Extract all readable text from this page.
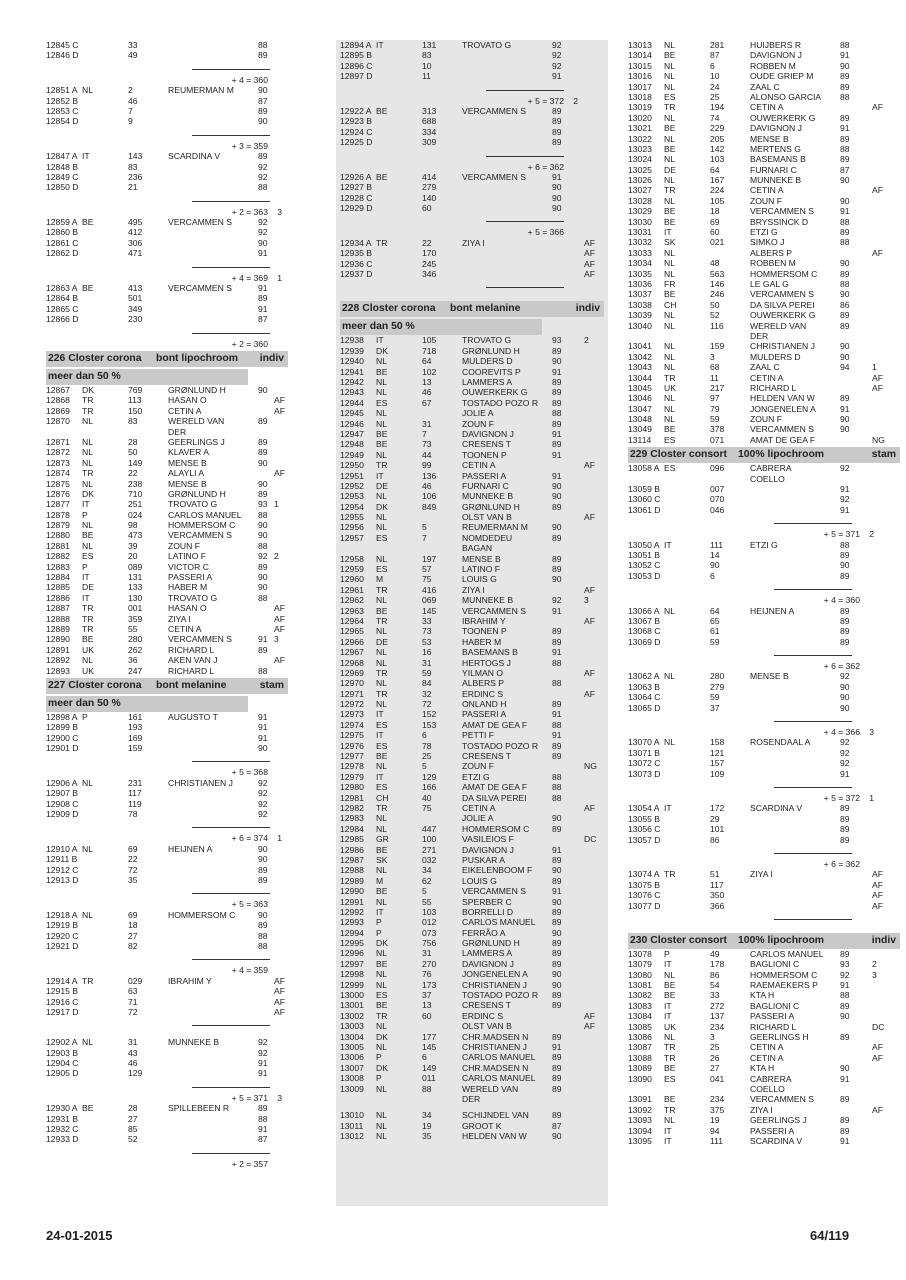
12845 C	33	88
12846 D	49	89
+ 4 = 360
12851 A NL	2	REUMERMAN M	90
12852 B	46	87
12853 C	7	89
12854 D	9	90
+ 3 = 359
12847 A IT	143	SCARDINA V	89
12848 B	83	92
12849 C	236	92
12850 D	21	88
+ 2 = 363 3
12859 A BE	495	VERCAMMEN S	92
12860 B	412	92
12861 C	306	90
12862 D	471	91
+ 4 = 369 1
12863 A BE	413	VERCAMMEN S	91
12864 B	501	89
12865 C	349	91
12866 D	230	87
+ 2 = 360
226 Closter corona bont lipochroom indiv
meer dan 50 %
12867 DK	769	GRØNLUND H	90
12868 TR	113	HASAN O	AF
12869 TR	150	CETIN A	AF
12870 NL	83	WERELD VAN	89
DER
12871 NL	28	GEERLINGS J	89
12872 NL	50	KLAVER A	89
12873 NL	149	MENSE B	90
12874 TR	22	ALAYLI A	AF
12875 NL	238	MENSE B	90
12876 DK	710	GRØNLUND H	89
12877 IT	251	TROVATO G	93 1
12878 P	024	CARLOS MANUEL 88
12879 NL	98	HOMMERSOM C	90
12880 BE	473	VERCAMMEN S	90
12881 NL	39	ZOUN F	88
12882 ES	20	LATINO F	92 2
12883 P	089	VICTOR C	89
12884 IT	131	PASSERI A	90
12885 DE	133	HABER M	90
12886 IT	130	TROVATO G	88
12887 TR	001	HASAN O	AF
12888 TR	359	ZIYA I	AF
12889 TR	55	CETIN A	AF
12890 BE	280	VERCAMMEN S	91 3
12891 UK	262	RICHARD L	89
12892 NL	36	AKEN VAN J	AF
12893 UK	247	RICHARD L	88
227 Closter corona bont melanine	stam
meer dan 50 %
12898 A P	161	AUGUSTO T	91
12899 B	193	91
12900 C	169	91
12901 D	159	90
+ 5 = 368
12906 A NL	231	CHRISTIANEN J	92
12907 B	117	92
12908 C	119	92
12909 D	78	92
+ 6 = 374 1
12910 A NL	69	HEIJNEN A	90
12911 B	22	90
12912 C	72	89
12913 D	35	89
+ 5 = 363
12918 A NL	69	HOMMERSOM C	90
12919 B	18	89
12920 C	27	88
12921 D	82	88
+ 4 = 359
12914 A TR	029	IBRAHIM Y	AF
12915 B	63	AF
12916 C	71	AF
12917 D	72	AF
12902 A NL	31	MUNNEKE B	92
12903 B	43	92
12904 C	46	91
12905 D	129	91
+ 5 = 371 3
12930 A BE	28	SPILLEBEEN R	89
12931 B	27	88
12932 C	85	91
12933 D	52	87
+ 2 = 357
12894 A IT	131	TROVATO G	92
12895 B	83	92
12896 C	10	92
12897 D	11	91
+ 5 = 372 2
12922 A BE	313	VERCAMMEN S	89
12923 B	688	89
12924 C	334	89
12925 D	309	89
+ 6 = 362
12926 A BE	414	VERCAMMEN S	91
12927 B	279	90
12928 C	140	90
12929 D	60	90
+ 5 = 366
12934 A TR	22	ZIYA I	AF
12935 B	170	AF
12936 C	245	AF
12937 D	346	AF
228 Closter corona bont melanine	indiv
meer dan 50 %
12938 IT	105	TROVATO G	93	2
12939 DK	718	GRØNLUND H	89
12940 NL	64	MULDERS D	90
12941 BE	102	COOREVITS P	91
12942 NL	13	LAMMERS A	89
12943 NL	46	OUWERKERK G	89
12944 ES	67	TOSTADO POZO R 89
12945 NL	JOLIE A	88
12946 NL	31	ZOUN F	89
12947 BE	7	DAVIGNON J	91
12948 BE	73	CRESENS T	89
12949 NL	44	TOONEN P	91
12950 TR	99	CETIN A	AF
12951 IT	136	PASSERI A	91
12952 DE	46	FURNARI C	90
12953 NL	106	MUNNEKE B	90
12954 DK	849	GRØNLUND H	89
12955 NL	OLST VAN B	AF
12956 NL	5	REUMERMAN M	90
12957 ES	7	NOMDEDEU	89
BAGAN
12958 NL	197	MENSE B	89
12959 ES	57	LATINO F	89
12960 M	75	LOUIS G	90
12961 TR	416	ZIYA I	AF
12962 NL	069	MUNNEKE B	92	3
12963 BE	145	VERCAMMEN S	91
12964 TR	33	IBRAHIM Y	AF
12965 NL	73	TOONEN P	89
12966 DE	53	HABER M	89
12967 NL	16	BASEMANS B	91
12968 NL	31	HERTOGS J	88
12969 TR	59	YILMAN O	AF
12970 NL	84	ALBERS P	88
12971 TR	32	ERDINC S	AF
12972 NL	72	ONLAND H	89
12973 IT	152	PASSERI A	91
12974 ES	153	AMAT DE GEA F	88
12975 IT	6	PETTI F	91
12976 ES	78	TOSTADO POZO R 89
12977 BE	25	CRESENS T	89
12978 NL	5	ZOUN F	NG
12979 IT	129	ETZI G	88
12980 ES	166	AMAT DE GEA F	88
12981 CH	40	DA SILVA PEREI	88
12982 TR	75	CETIN A	AF
12983 NL	JOLIE A	90
12984 NL	447	HOMMERSOM C	89
12985 GR	100	VASILEIOS F	DC
12986 BE	271	DAVIGNON J	91
12987 SK	032	PUSKAR A	89
12988 NL	34	EIKELENBOOM F 90
12989 M	62	LOUIS G	89
12990 BE	5	VERCAMMEN S	91
12991 NL	55	SPERBER C	90
12992 IT	103	BORRELLI D	89
12993 P	012	CARLOS MANUEL 89
12994 P	073	FERRÃO A	90
12995 DK	756	GRØNLUND H	89
12996 NL	31	LAMMERS A	89
12997 BE	270	DAVIGNON J	89
12998 NL	76	JONGENELEN A	90
12999 NL	173	CHRISTIANEN J	90
13000 ES	37	TOSTADO POZO R 89
13001 BE	13	CRESENS T	89
13002 TR	60	ERDINC S	AF
13003 NL	OLST VAN B	AF
13004 DK	177	CHR.MADSEN N	89
13005 NL	145	CHRISTIANEN J	91
13006 P	6	CARLOS MANUEL 89
13007 DK	149	CHR.MADSEN N	89
13008 P	011	CARLOS MANUEL 89
13009 NL	88	WERELD VAN	89
DER
13010 NL	34	SCHIJNDEL VAN	89
13011 NL	19	GROOT K	87
13012 NL	35	HELDEN VAN W	90
13013 NL	281	HUIJBERS R	88
13014 BE	87	DAVIGNON J	91
13015 NL	6	ROBBEN M	90
13016 NL	10	OUDE GRIEP M	89
13017 NL	24	ZAAL C	89
13018 ES	25	ALONSO GARCIA 88
13019 TR	194	CETIN A	AF
13020 NL	74	OUWERKERK G	89
13021 BE	229	DAVIGNON J	91
13022 NL	205	MENSE B	89
13023 BE	142	MERTENS G	88
13024 NL	103	BASEMANS B	89
13025 DE	64	FURNARI C	87
13026 NL	167	MUNNEKE B	90
13027 TR	224	CETIN A	AF
13028 NL	105	ZOUN F	90
13029 BE	18	VERCAMMEN S	91
13030 BE	69	BRYSSINCK D	88
13031 IT	60	ETZI G	89
13032 SK	021	SIMKO J	88
13033 NL	ALBERS P	AF
13034 NL	48	ROBBEN M	90
13035 NL	563	HOMMERSOM C	89
13036 FR	146	LE GAL G	88
13037 BE	246	VERCAMMEN S	90
13038 CH	50	DA SILVA PEREI	86
13039 NL	52	OUWERKERK G	89
13040 NL	116	WERELD VAN	89
DER
13041 NL	159	CHRISTIANEN J	90
13042 NL	3	MULDERS D	90
13043 NL	68	ZAAL C	94	1
13044 TR	11	CETIN A	AF
13045 UK	217	RICHARD L	AF
13046 NL	97	HELDEN VAN W	89
13047 NL	79	JONGENELEN A	91
13048 NL	59	ZOUN F	90
13049 BE	378	VERCAMMEN S	90
13114 ES	071	AMAT DE GEA F	NG
229 Closter consort 100% lipochroom	stam
13058 A ES	096	CABRERA	92
COELLO
13059 B	007	91
13060 C	070	92
13061 D	046	91
+ 5 = 371 2
13050 A IT	111	ETZI G	88
13051 B	14	89
13052 C	90	90
13053 D	6	89
+ 4 = 360
13066 A NL	64	HEIJNEN A	89
13067 B	65	89
13068 C	61	89
13069 D	59	89
+ 6 = 362
13062 A NL	280	MENSE B	92
13063 B	279	90
13064 C	59	90
13065 D	37	90
+ 4 = 366 3
13070 A NL	158	ROSENDAAL A	92
13071 B	121	92
13072 C	157	92
13073 D	109	91
+ 5 = 372 1
13054 A IT	172	SCARDINA V	89
13055 B	29	89
13056 C	101	89
13057 D	86	89
+ 6 = 362
13074 A TR	51	ZIYA I	AF
13075 B	117	AF
13076 C	350	AF
13077 D	366	AF
230 Closter consort 100% lipochroom	indiv
13078 P	49	CARLOS MANUEL 89
13079 IT	178	BAGLIONI C	93	2
13080 NL	86	HOMMERSOM C	92	3
13081 BE	54	RAEMAEKERS P	91
13082 BE	33	KTA H	88
13083 IT	272	BAGLIONI C	89
13084 IT	137	PASSERI A	90
13085 UK	234	RICHARD L	DC
13086 NL	3	GEERLINGS H	89
13087 TR	25	CETIN A	AF
13088 TR	26	CETIN A	AF
13089 BE	27	KTA H	90
13090 ES	041	CABRERA	91
COELLO
13091 BE	234	VERCAMMEN S	89
13092 TR	375	ZIYA I	AF
13093 NL	19	GEERLINGS J	89
13094 IT	94	PASSERI A	89
13095 IT	111	SCARDINA V	91
24-01-2015	64/119
